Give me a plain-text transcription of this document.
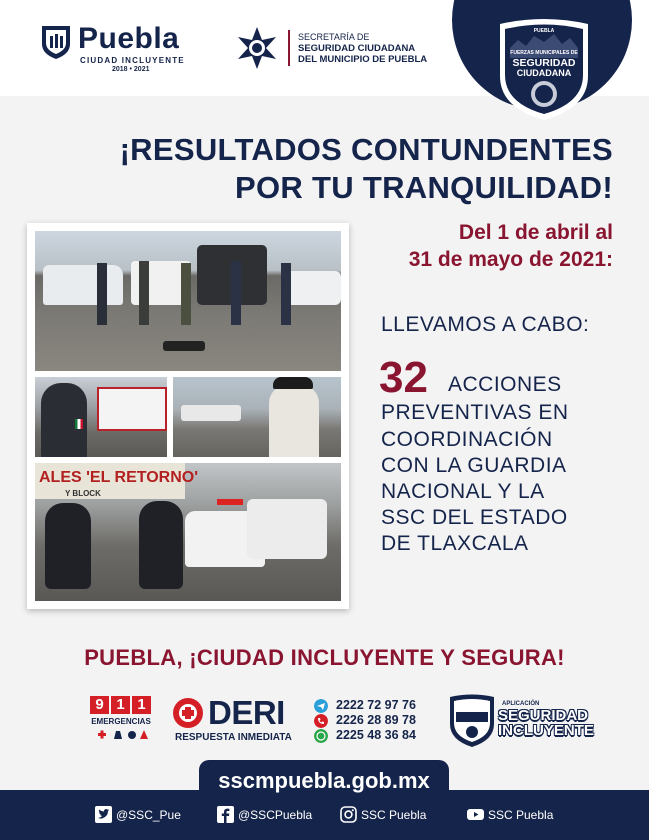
Puebla
CIUDAD INCLUYENTE
2018 • 2021
SECRETARÍA DE
SEGURIDAD CIUDADANA
DEL MUNICIPIO DE PUEBLA
PUEBLA
FUERZAS MUNICIPALES DE
SEGURIDAD
CIUDADANA
¡RESULTADOS CONTUNDENTES
POR TU TRANQUILIDAD!
ALES 'EL RETORNO'
Y BLOCK
Del 1 de abril al
31 de mayo de 2021:
LLEVAMOS A CABO:
32 ACCIONES
PREVENTIVAS EN
COORDINACIÓN
CON LA GUARDIA
NACIONAL Y LA
SSC DEL ESTADO
DE TLAXCALA
PUEBLA, ¡CIUDAD INCLUYENTE Y SEGURA!
9 1 1
EMERGENCIAS DERI
RESPUESTA INMEDIATA
2222 72 97 76
2226 28 89 78
2225 48 36 84
APLICACIÓN
SEGURIDAD
INCLUYENTE
sscmpuebla.gob.mx
@SSC_Pue	@SSCPuebla	SSC Puebla	SSC Puebla
